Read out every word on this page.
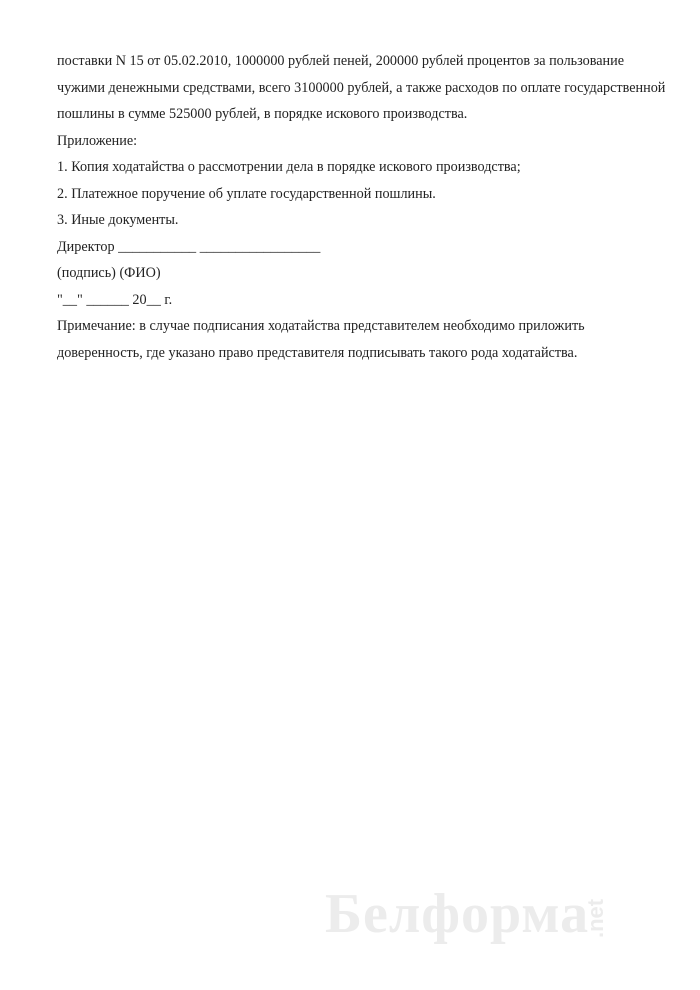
поставки N 15 от 05.02.2010, 1000000 рублей пеней, 200000 рублей процентов за пользование

чужими денежными средствами, всего 3100000 рублей, а также расходов по оплате государственной

пошлины в сумме 525000 рублей, в порядке искового производства.

Приложение:

1. Копия ходатайства о рассмотрении дела в порядке искового производства;

2. Платежное поручение об уплате государственной пошлины.

3. Иные документы.

Директор ___________ _________________

(подпись) (ФИО)

"__" ______ 20__ г.

Примечание: в случае подписания ходатайства представителем необходимо приложить

доверенность, где указано право представителя подписывать такого рода ходатайства.

Белформа
.net
